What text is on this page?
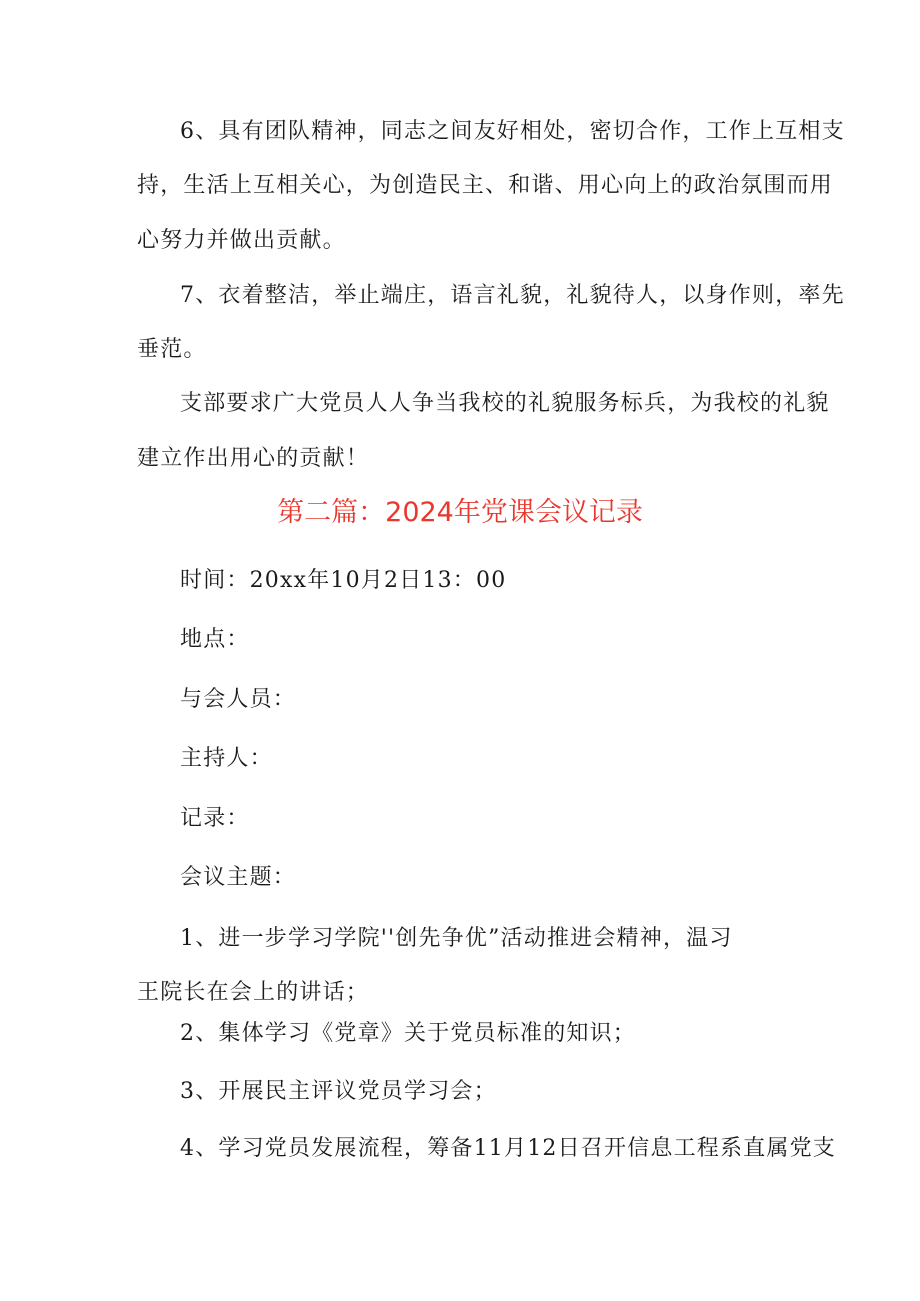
6、具有团队精神，同志之间友好相处，密切合作，工作上互相支
持，生活上互相关心，为创造民主、和谐、用心向上的政治氛围而用
心努力并做出贡献。
7、衣着整洁，举止端庄，语言礼貌，礼貌待人，以身作则，率先
垂范。
支部要求广大党员人人争当我校的礼貌服务标兵，为我校的礼貌
建立作出用心的贡献！
第二篇：2024年党课会议记录
时间：20xx年10月2日13：00
地点：
与会人员：
主持人：
记录：
会议主题：
1、进一步学习学院''创先争优”活动推进会精神，温习
王院长在会上的讲话；
2、集体学习《党章》关于党员标准的知识；
3、开展民主评议党员学习会；
4、学习党员发展流程，筹备11月12日召开信息工程系直属党支
